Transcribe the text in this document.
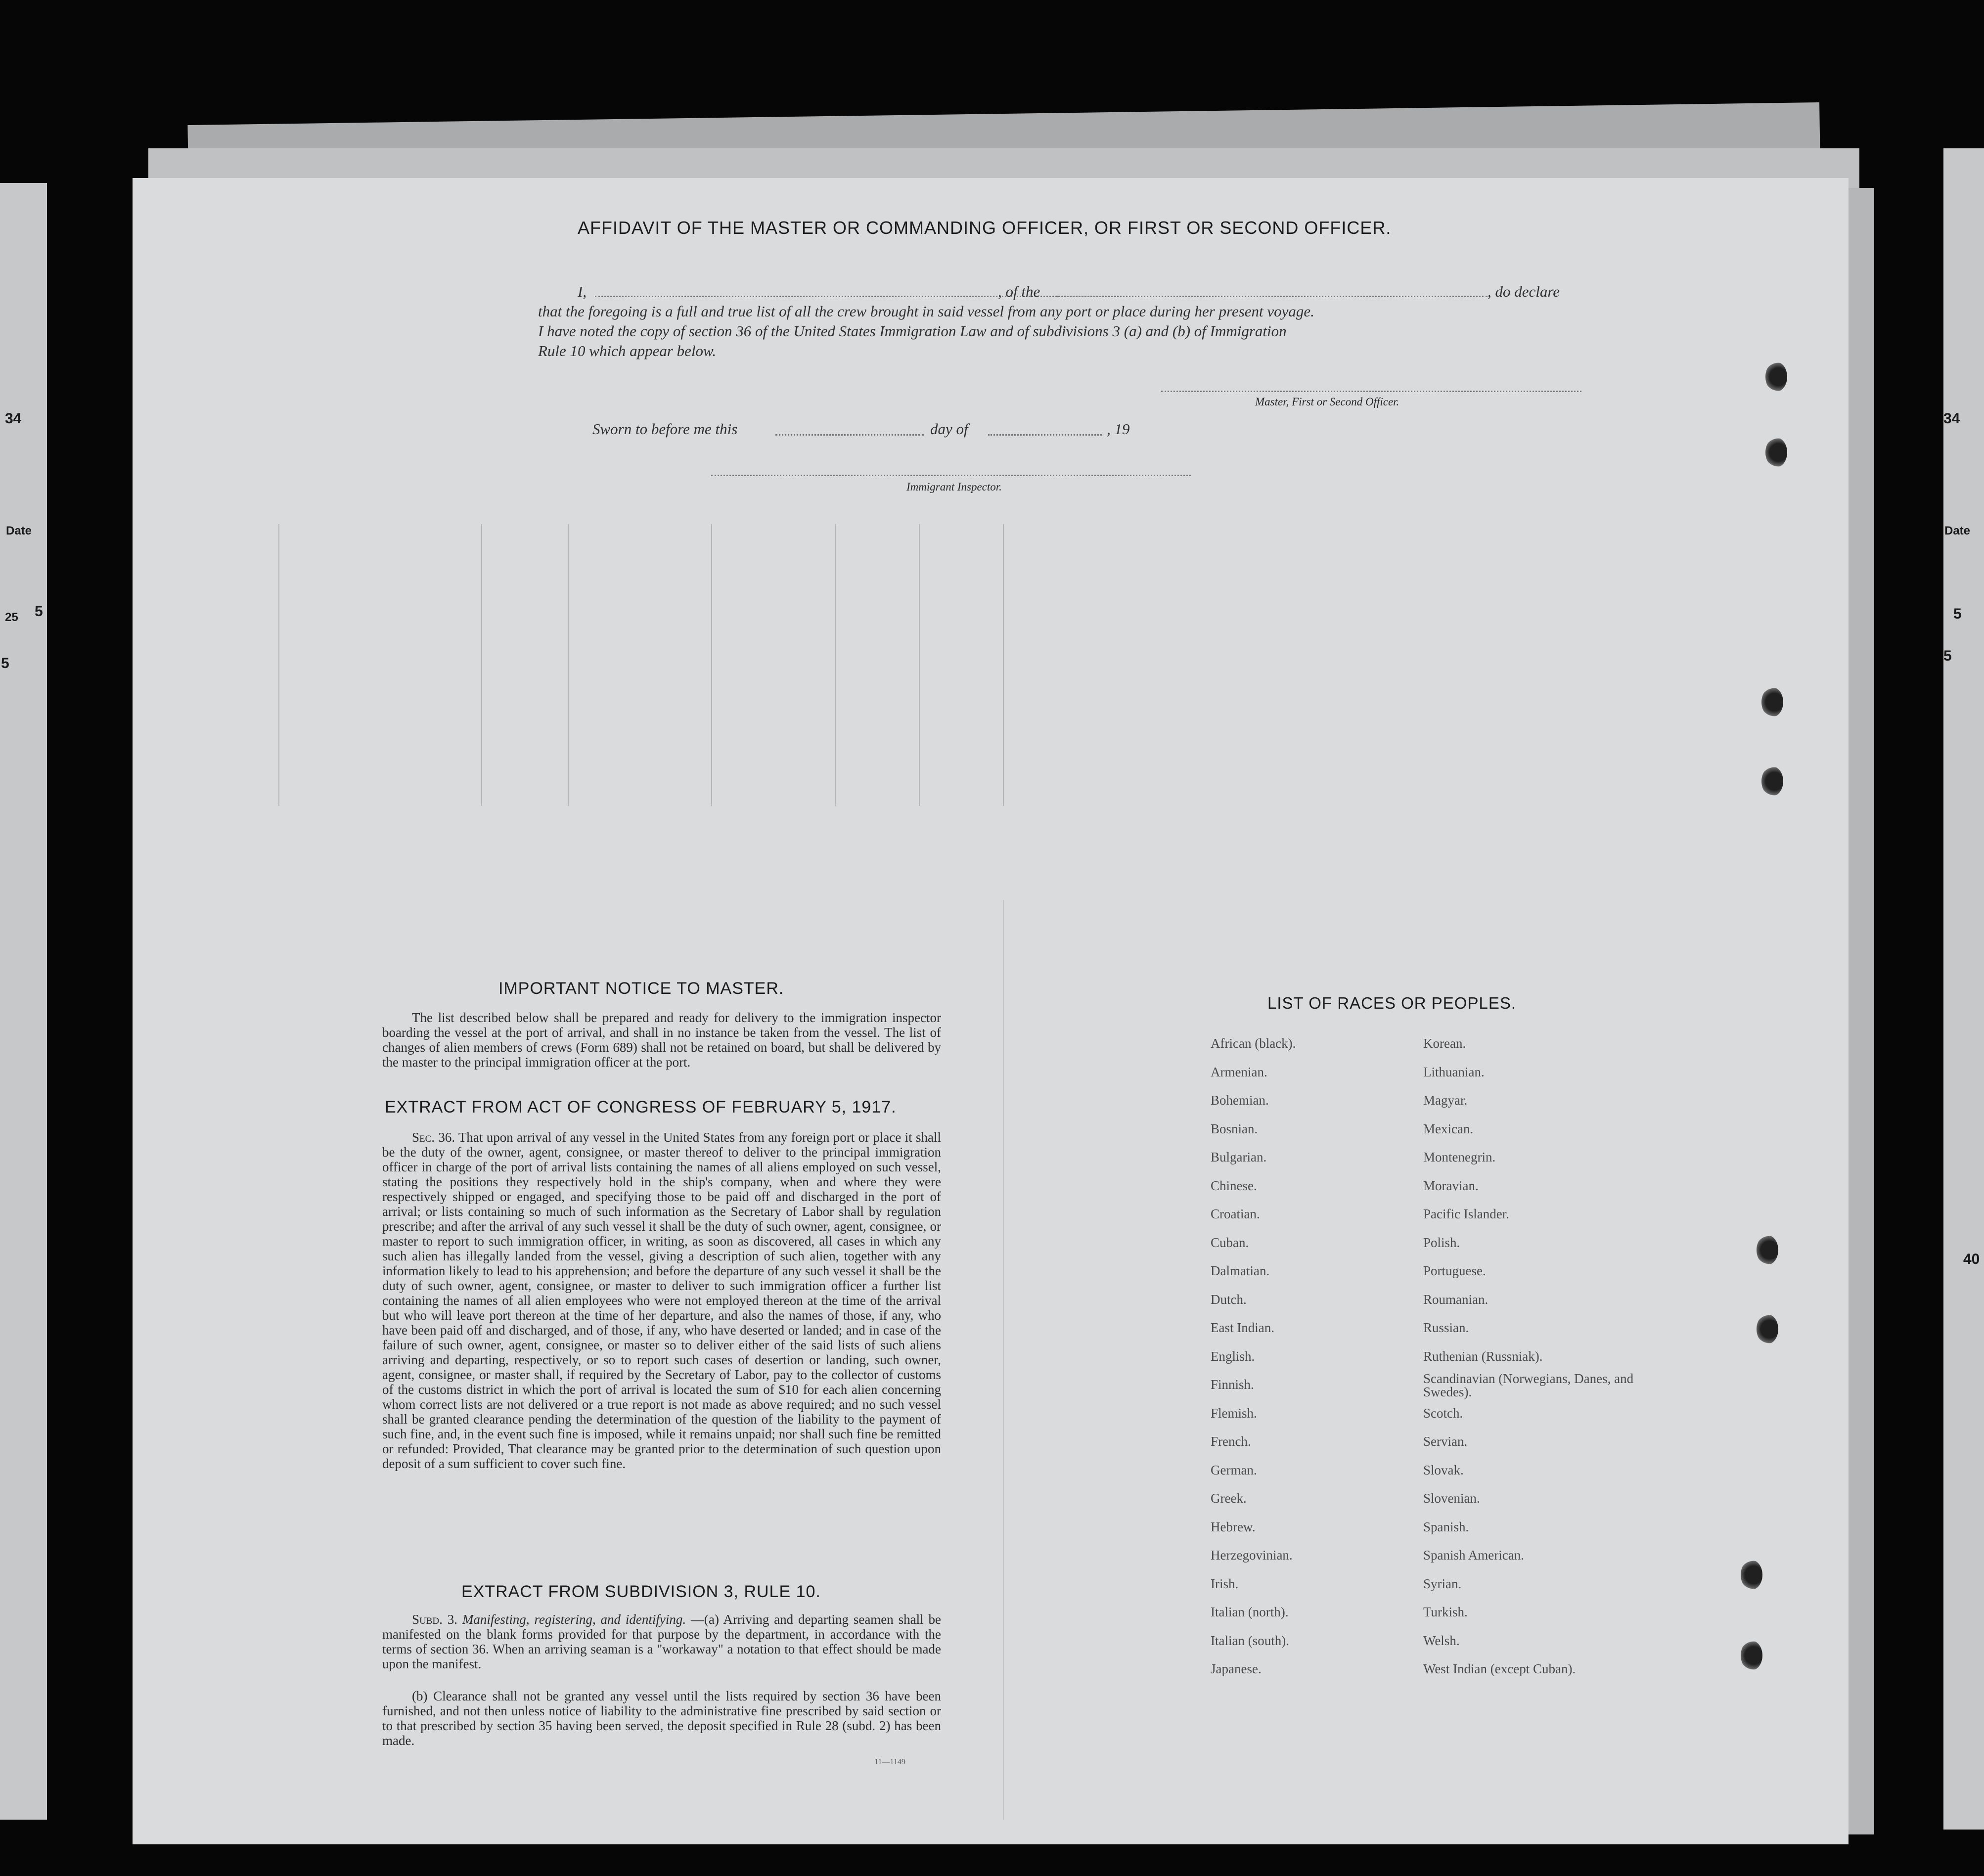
34
Date
5
25
5
34
Date
5
5
40
AFFIDAVIT OF THE MASTER OR COMMANDING OFFICER, OR FIRST OR SECOND OFFICER.
I,	, of the	, do declare
that the foregoing is a full and true list of all the crew brought in said vessel from any port or place during her present voyage.
I have noted the copy of section 36 of the United States Immigration Law and of subdivisions 3 (a) and (b) of Immigration
Rule 10 which appear below.
Master, First or Second Officer.
Sworn to before me this	day of	, 19
Immigrant Inspector.
IMPORTANT NOTICE TO MASTER.
The list described below shall be prepared and ready for delivery to the immigration inspector boarding the vessel at the port of arrival, and shall in no instance be taken from the vessel. The list of changes of alien members of crews (Form 689) shall not be retained on board, but shall be delivered by the master to the principal immigration officer at the port.
EXTRACT FROM ACT OF CONGRESS OF FEBRUARY 5, 1917.
Sec. 36. That upon arrival of any vessel in the United States from any foreign port or place it shall be the duty of the owner, agent, consignee, or master thereof to deliver to the principal immigration officer in charge of the port of arrival lists containing the names of all aliens employed on such vessel, stating the positions they respectively hold in the ship's company, when and where they were respectively shipped or engaged, and specifying those to be paid off and discharged in the port of arrival; or lists containing so much of such information as the Secretary of Labor shall by regulation prescribe; and after the arrival of any such vessel it shall be the duty of such owner, agent, consignee, or master to report to such immigration officer, in writing, as soon as discovered, all cases in which any such alien has illegally landed from the vessel, giving a description of such alien, together with any information likely to lead to his apprehension; and before the departure of any such vessel it shall be the duty of such owner, agent, consignee, or master to deliver to such immigration officer a further list containing the names of all alien employees who were not employed thereon at the time of the arrival but who will leave port thereon at the time of her departure, and also the names of those, if any, who have been paid off and discharged, and of those, if any, who have deserted or landed; and in case of the failure of such owner, agent, consignee, or master so to deliver either of the said lists of such aliens arriving and departing, respectively, or so to report such cases of desertion or landing, such owner, agent, consignee, or master shall, if required by the Secretary of Labor, pay to the collector of customs of the customs district in which the port of arrival is located the sum of $10 for each alien concerning whom correct lists are not delivered or a true report is not made as above required; and no such vessel shall be granted clearance pending the determination of the question of the liability to the payment of such fine, and, in the event such fine is imposed, while it remains unpaid; nor shall such fine be remitted or refunded: Provided, That clearance may be granted prior to the determination of such question upon deposit of a sum sufficient to cover such fine.
EXTRACT FROM SUBDIVISION 3, RULE 10.
Subd. 3. Manifesting, registering, and identifying. —(a) Arriving and departing seamen shall be manifested on the blank forms provided for that purpose by the department, in accordance with the terms of section 36. When an arriving seaman is a "workaway" a notation to that effect should be made upon the manifest.
(b) Clearance shall not be granted any vessel until the lists required by section 36 have been furnished, and not then unless notice of liability to the administrative fine prescribed by said section or to that prescribed by section 35 having been served, the deposit specified in Rule 28 (subd. 2) has been made.
11—1149
LIST OF RACES OR PEOPLES.
African (black).
Armenian.
Bohemian.
Bosnian.
Bulgarian.
Chinese.
Croatian.
Cuban.
Dalmatian.
Dutch.
East Indian.
English.
Finnish.
Flemish.
French.
German.
Greek.
Hebrew.
Herzegovinian.
Irish.
Italian (north).
Italian (south).
Japanese.
Korean.
Lithuanian.
Magyar.
Mexican.
Montenegrin.
Moravian.
Pacific Islander.
Polish.
Portuguese.
Roumanian.
Russian.
Ruthenian (Russniak).
Scandinavian (Norwegians, Danes, and Swedes).
Scotch.
Servian.
Slovak.
Slovenian.
Spanish.
Spanish American.
Syrian.
Turkish.
Welsh.
West Indian (except Cuban).
